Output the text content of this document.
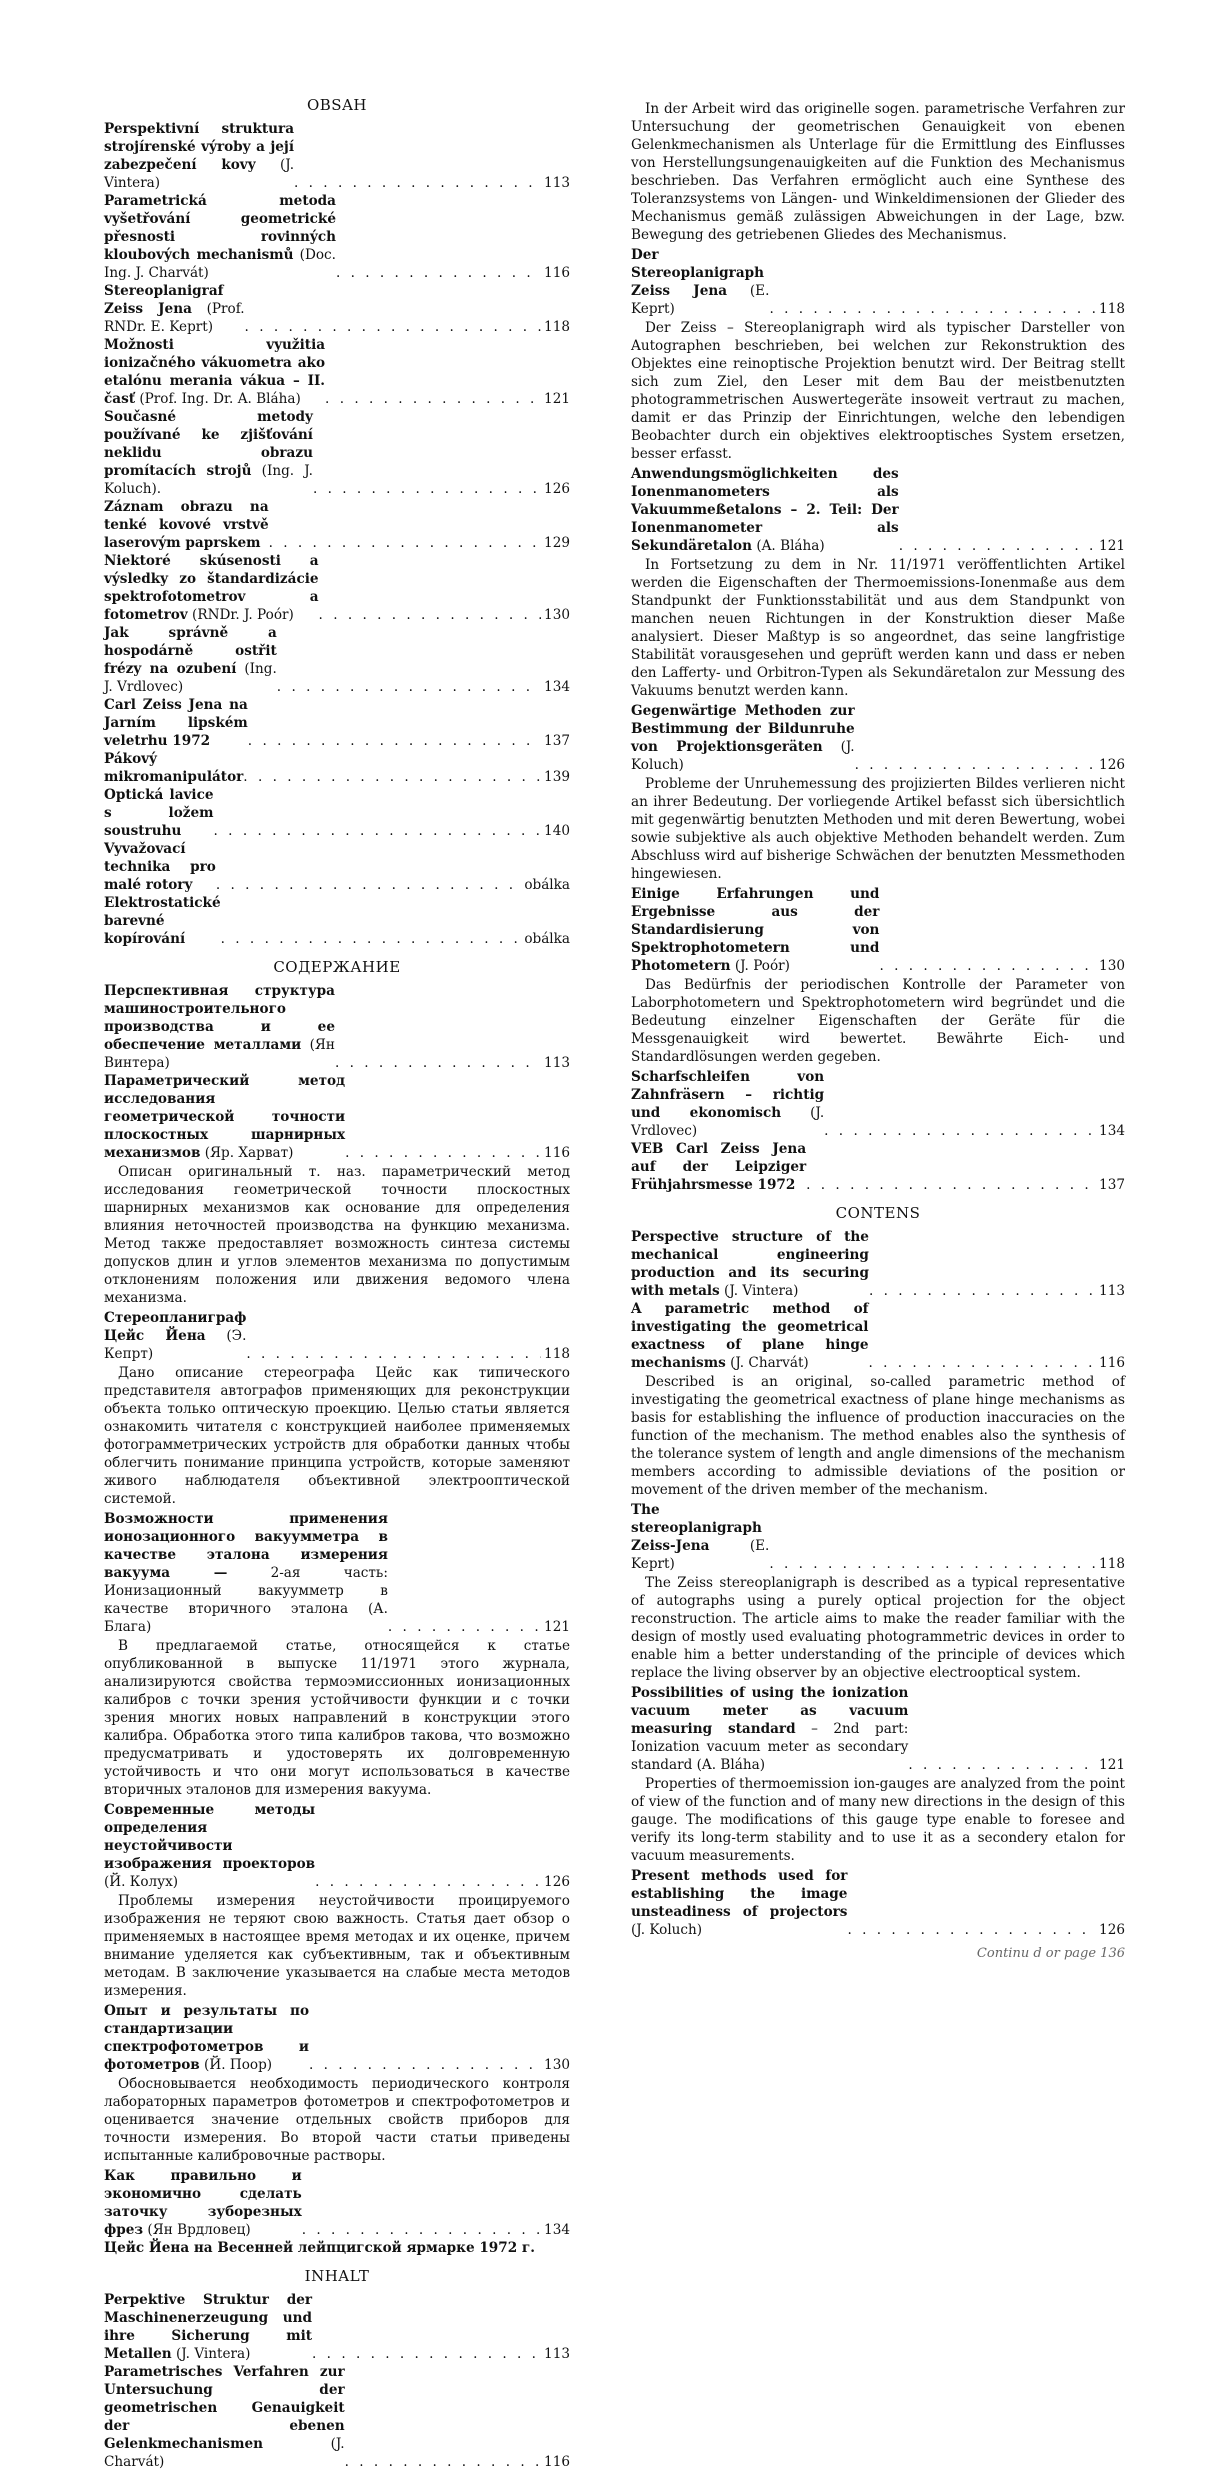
OBSAH
Perspektivní struktura strojírenské výroby a její zabezpečení kovy (J. Vintera) . . .	113
Parametrická metoda vyšetřování geometrické přesnosti rovinných kloubových mechanismů (Doc. Ing. J. Charvát) . . .	116
Stereoplanigraf Zeiss Jena (Prof. RNDr. E. Keprt) . . .	118
Možnosti využitia ionizačného vákuometra ako etalónu merania vákua – II. časť (Prof. Ing. Dr. A. Bláha) . . .	121
Současné metody používané ke zjišťování neklidu obrazu promítacích strojů (Ing. J. Koluch). . . .	126
Záznam obrazu na tenké kovové vrstvě laserovým paprskem . . .	129
Niektoré skúsenosti a výsledky zo štandardizácie spektrofotometrov a fotometrov (RNDr. J. Poór) . . .	130
Jak správně a hospodárně ostřit frézy na ozubení (Ing. J. Vrdlovec) . . .	134
Carl Zeiss Jena na Jarním lipském veletrhu 1972 . . .	137
Pákový mikromanipulátor . . .	139
Optická lavice s ložem soustruhu . . .	140
Vyvažovací technika pro malé rotory . . .	obálka
Elektrostatické barevné kopírování . . .	obálka
СОДЕРЖАНИЕ
Перспективная структура машиностроительного производства и ее обеспечение металлами (Ян Винтера) . . .	113
Параметрический метод исследования геометрической точности плоскостных шарнирных механизмов (Яр. Харват) . . .	116

Описан оригинальный т. наз. параметрический метод исследования геометрической точности плоскостных шарнирных механизмов как основание для определения влияния неточностей производства на функцию механизма. Метод также предоставляет возможность синтеза системы допусков длин и углов элементов механизма по допустимым отклонениям положения или движения ведомого члена механизма.

Стереопланиграф Цейс Йена (Э. Кепрт) . . .	118

Дано описание стереографа Цейс как типического представителя автографов применяющих для реконструкции объекта только оптическую проекцию. Целью статьи является ознакомить читателя с конструкцией наиболее применяемых фотограмметрических устройств для обработки данных чтобы облегчить понимание принципа устройств, которые заменяют живого наблюдателя объективной электрооптической системой.

Возможности применения ионозационного вакуумметра в качестве эталона измерения вакуума —	2-ая часть: Ионизационный вакуумметр в качестве вторичного эталона (А. Блага) . . .	121

В предлагаемой статье, относящейся к статье опубликованной в выпуске 11/1971 этого журнала, анализируются свойства термоэмиссионных ионизационных калибров с точки зрения устойчивости функции и с точки зрения многих новых направлений в конструкции этого калибра. Обработка этого типа калибров такова, что возможно предусматривать и удостоверять их долговременную устойчивость и что они могут использоваться в качестве вторичных эталонов для измерения вакуума.

Современные методы определения неустойчивости изображения проекторов (Й. Колух) . . .	126

Проблемы измерения неустойчивости проицируемого изображения не теряют свою важность. Статья дает обзор о применяемых в настоящее время методах и их оценке, причем внимание уделяется как субъективным, так и объективным методам. В заключение указывается на слабые места методов измерения.

Опыт и результаты по стандартизации спектрофотометров и фотометров (Й. Поор) . . .	130

Обосновывается необходимость периодического контроля лабораторных параметров фотометров и спектрофотометров и оценивается значение отдельных свойств приборов для точности измерения. Во второй части статьи приведены испытанные калибровочные растворы.

Как правильно и экономично сделать заточку зуборезных фрез (Ян Врдловец) . . .	134
Цейс Йена на Весенней лейпцигской ярмарке 1972 г.
INHALT
Perpektive Struktur der Maschinenerzeugung und ihre Sicherung mit Metallen (J. Vintera) . . .	113
Parametrisches Verfahren zur Untersuchung der geometrischen Genauigkeit der ebenen Gelenkmechanismen	(J. Charvát) . . .	116

In der Arbeit wird das originelle sogen. parametrische Verfahren zur Untersuchung der geometrischen Genauigkeit von ebenen Gelenkmechanismen als Unterlage für die Ermittlung des Einflusses von Herstellungsungenauigkeiten auf die Funktion des Mechanismus beschrieben. Das Verfahren ermöglicht auch eine Synthese des Toleranzsystems von Längen- und Winkeldimensionen der Glieder des Mechanismus gemäß zulässigen Abweichungen in der Lage, bzw. Bewegung des getriebenen Gliedes des Mechanismus.

Der Stereoplanigraph Zeiss Jena (E. Keprt) . . .	118

Der Zeiss – Stereoplanigraph wird als typischer Darsteller von Autographen beschrieben, bei welchen zur Rekonstruktion des Objektes eine reinoptische Projektion benutzt wird. Der Beitrag stellt sich zum Ziel, den Leser mit dem Bau der meistbenutzten photogrammetrischen Auswertegeräte insoweit vertraut zu machen, damit er das Prinzip der Einrichtungen, welche den lebendigen Beobachter durch ein objektives elektrooptisches System ersetzen, besser erfasst.

Anwendungsmöglichkeiten des Ionenmanometers als Vakuummeßetalons – 2. Teil: Der Ionenmanometer als Sekundäretalon (A. Bláha) . . .	121

In Fortsetzung zu dem in Nr. 11/1971 veröffentlichten Artikel werden die Eigenschaften der Thermoemissions-Ionenmaße aus dem Standpunkt der Funktionsstabilität und aus dem Standpunkt von manchen neuen Richtungen in der Konstruktion dieser Maße analysiert. Dieser Maßtyp is so angeordnet, das seine langfristige Stabilität vorausgesehen und geprüft werden kann und dass er neben den Lafferty- und Orbitron-Typen als Sekundäretalon zur Messung des Vakuums benutzt werden kann.

Gegenwärtige Methoden zur Bestimmung der Bildunruhe von Projektionsgeräten (J. Koluch) . . .	126

Probleme der Unruhemessung des projizierten Bildes verlieren nicht an ihrer Bedeutung. Der vorliegende Artikel befasst sich übersichtlich mit gegenwärtig benutzten Methoden und mit deren Bewertung, wobei sowie subjektive als auch objektive Methoden behandelt werden. Zum Abschluss wird auf bisherige Schwächen der benutzten Messmethoden hingewiesen.

Einige Erfahrungen und Ergebnisse aus der Standardisierung von Spektrophotometern und Photometern (J. Poór) . . .	130

Das Bedürfnis der periodischen Kontrolle der Parameter von Laborphotometern und Spektrophotometern wird begründet und die Bedeutung einzelner Eigenschaften der Geräte für die Messgenauigkeit wird bewertet. Bewährte Eich- und Standardlösungen werden gegeben.

Scharfschleifen von Zahnfräsern – richtig und ekonomisch (J. Vrdlovec) . . .	134
VEB Carl Zeiss Jena auf der Leipziger Frühjahrsmesse 1972 . . .	137
CONTENS
Perspective structure of the mechanical engineering production and its securing with metals (J. Vintera) . . .	113
A parametric method of investigating the geometrical exactness of plane hinge mechanisms (J. Charvát) . . .	116

Described is an original, so-called parametric method of investigating the geometrical exactness of plane hinge mechanisms as basis for establishing the influence of production inaccuracies on the function of the mechanism. The method enables also the synthesis of the tolerance system of length and angle dimensions of the mechanism members according to admissible deviations of the position or movement of the driven member of the mechanism.

The stereoplanigraph Zeiss-Jena	(E. Keprt) . . .	118

The Zeiss stereoplanigraph is described as a typical representative of autographs using a purely optical projection for the object reconstruction. The article aims to make the reader familiar with the design of mostly used evaluating photogrammetric devices in order to enable him a better understanding of the principle of devices which replace the living observer by an objective electrooptical system.

Possibilities of using the ionization vacuum meter as vacuum measuring standard – 2nd part: Ionization vacuum meter as secondary standard (A. Bláha) . . .	121

Properties of thermoemission ion-gauges are analyzed from the point of view of the function and of many new directions in the design of this gauge. The modifications of this gauge type enable to foresee and verify its long-term stability and to use it as a secondery etalon for vacuum measurements.

Present methods used for establishing the image unsteadiness of projectors (J. Koluch) . . .	126
Continu d or page 136
